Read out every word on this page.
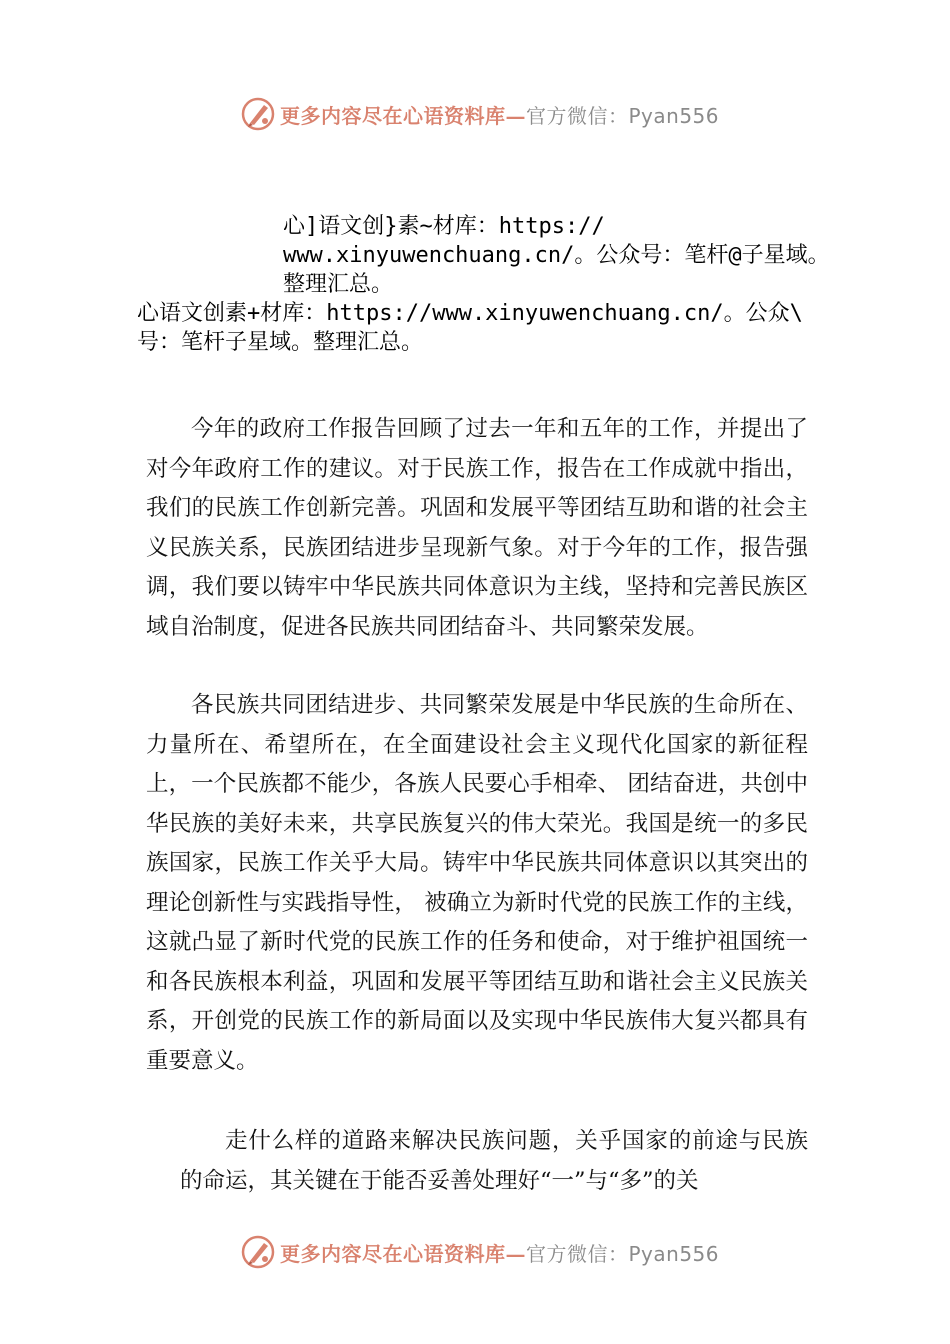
更多内容尽在心语资料库—官方微信：Pyan556
心]语文创}素~材库：https://
www.xinyuwenchuang.cn/。公众号：笔杆@子星域。
整理汇总。
心语文创素+材库：https://www.xinyuwenchuang.cn/。公众\
号：笔杆子星域。整理汇总。
今年的政府工作报告回顾了过去一年和五年的工作，并提出了对今年政府工作的建议。对于民族工作，报告在工作成就中指出，我们的民族工作创新完善。巩固和发展平等团结互助和谐的社会主义民族关系，民族团结进步呈现新气象。对于今年的工作，报告强调，我们要以铸牢中华民族共同体意识为主线，坚持和完善民族区域自治制度，促进各民族共同团结奋斗、共同繁荣发展。
各民族共同团结进步、共同繁荣发展是中华民族的生命所在、力量所在、希望所在，在全面建设社会主义现代化国家的新征程上，一个民族都不能少，各族人民要心手相牵、 团结奋进，共创中华民族的美好未来，共享民族复兴的伟大荣光。我国是统一的多民族国家，民族工作关乎大局。铸牢中华民族共同体意识以其突出的理论创新性与实践指导性， 被确立为新时代党的民族工作的主线，这就凸显了新时代党的民族工作的任务和使命，对于维护祖国统一和各民族根本利益，巩固和发展平等团结互助和谐社会主义民族关系，开创党的民族工作的新局面以及实现中华民族伟大复兴都具有重要意义。
走什么样的道路来解决民族问题，关乎国家的前途与民族的命运，其关键在于能否妥善处理好“一”与“多”的关
更多内容尽在心语资料库—官方微信：Pyan556
